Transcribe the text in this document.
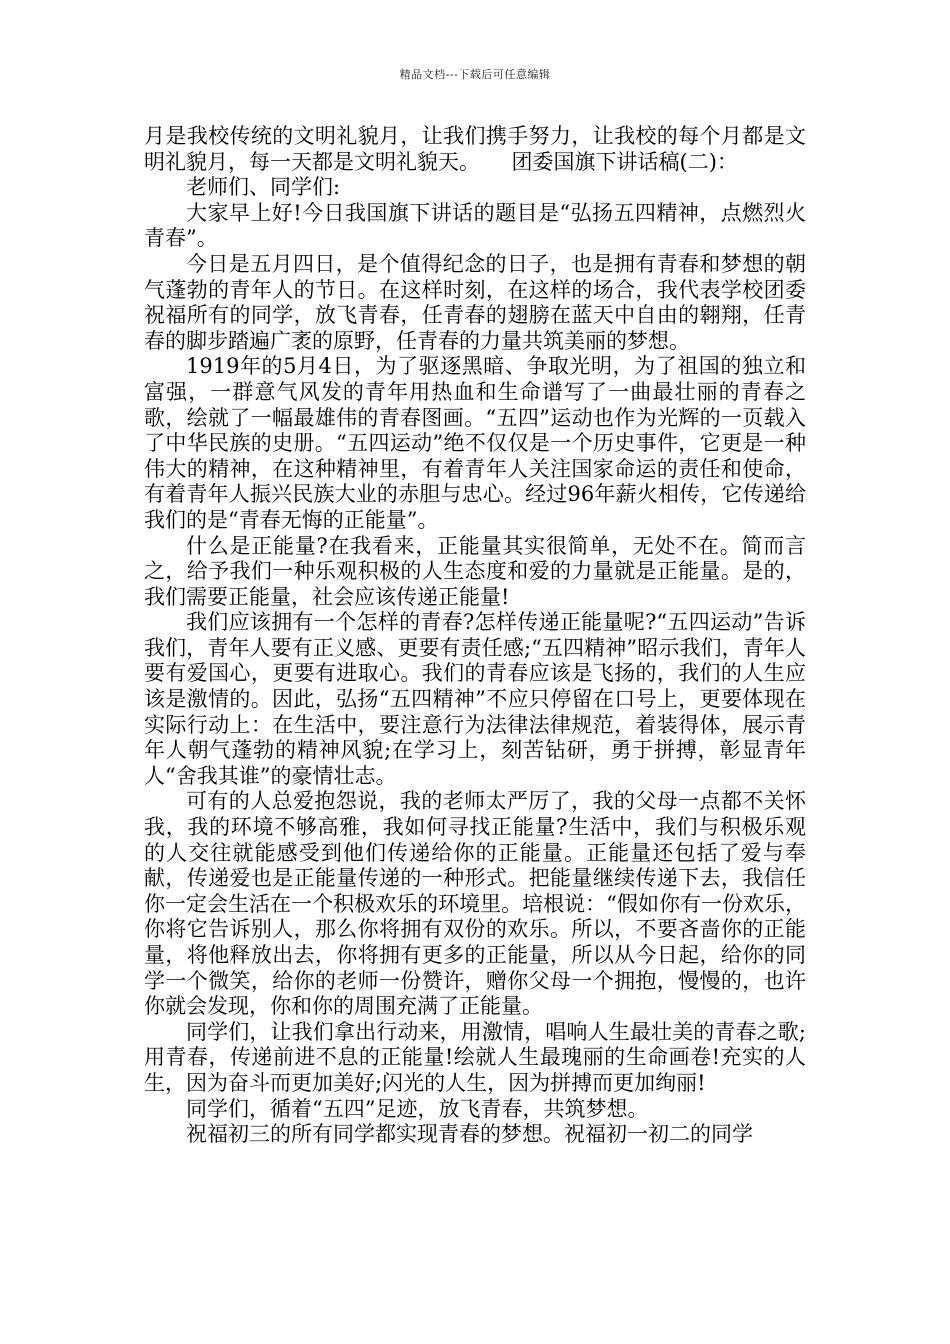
精品文档---下载后可任意编辑

月是我校传统的文明礼貌月，让我们携手努力，让我校的每个月都是文明礼貌月，每一天都是文明礼貌天。　　团委国旗下讲话稿(二)：

老师们、同学们:

大家早上好!今日我国旗下讲话的题目是“弘扬五四精神，点燃烈火青春”。

今日是五月四日，是个值得纪念的日子，也是拥有青春和梦想的朝气蓬勃的青年人的节日。在这样时刻，在这样的场合，我代表学校团委祝福所有的同学，放飞青春，任青春的翅膀在蓝天中自由的翱翔，任青春的脚步踏遍广袤的原野，任青春的力量共筑美丽的梦想。

1919年的5月4日，为了驱逐黑暗、争取光明，为了祖国的独立和富强，一群意气风发的青年用热血和生命谱写了一曲最壮丽的青春之歌，绘就了一幅最雄伟的青春图画。“五四”运动也作为光辉的一页载入了中华民族的史册。“五四运动”绝不仅仅是一个历史事件，它更是一种伟大的精神，在这种精神里，有着青年人关注国家命运的责任和使命，有着青年人振兴民族大业的赤胆与忠心。经过96年薪火相传，它传递给我们的是“青春无悔的正能量”。

什么是正能量?在我看来，正能量其实很简单，无处不在。简而言之，给予我们一种乐观积极的人生态度和爱的力量就是正能量。是的，我们需要正能量，社会应该传递正能量!

我们应该拥有一个怎样的青春?怎样传递正能量呢?“五四运动”告诉我们，青年人要有正义感、更要有责任感;“五四精神”昭示我们，青年人要有爱国心，更要有进取心。我们的青春应该是飞扬的，我们的人生应该是激情的。因此，弘扬“五四精神”不应只停留在口号上，更要体现在实际行动上：在生活中，要注意行为法律法律规范，着装得体，展示青年人朝气蓬勃的精神风貌;在学习上，刻苦钻研，勇于拼搏，彰显青年人“舍我其谁”的豪情壮志。

可有的人总爱抱怨说，我的老师太严厉了，我的父母一点都不关怀我，我的环境不够高雅，我如何寻找正能量?生活中，我们与积极乐观的人交往就能感受到他们传递给你的正能量。正能量还包括了爱与奉献，传递爱也是正能量传递的一种形式。把能量继续传递下去，我信任你一定会生活在一个积极欢乐的环境里。培根说：“假如你有一份欢乐，你将它告诉别人，那么你将拥有双份的欢乐。所以，不要吝啬你的正能量，将他释放出去，你将拥有更多的正能量，所以从今日起，给你的同学一个微笑，给你的老师一份赞许，赠你父母一个拥抱，慢慢的，也许你就会发现，你和你的周围充满了正能量。

同学们，让我们拿出行动来，用激情，唱响人生最壮美的青春之歌;用青春，传递前进不息的正能量!绘就人生最瑰丽的生命画卷!充实的人生，因为奋斗而更加美好;闪光的人生，因为拼搏而更加绚丽!

同学们，循着“五四”足迹，放飞青春，共筑梦想。

祝福初三的所有同学都实现青春的梦想。祝福初一初二的同学
